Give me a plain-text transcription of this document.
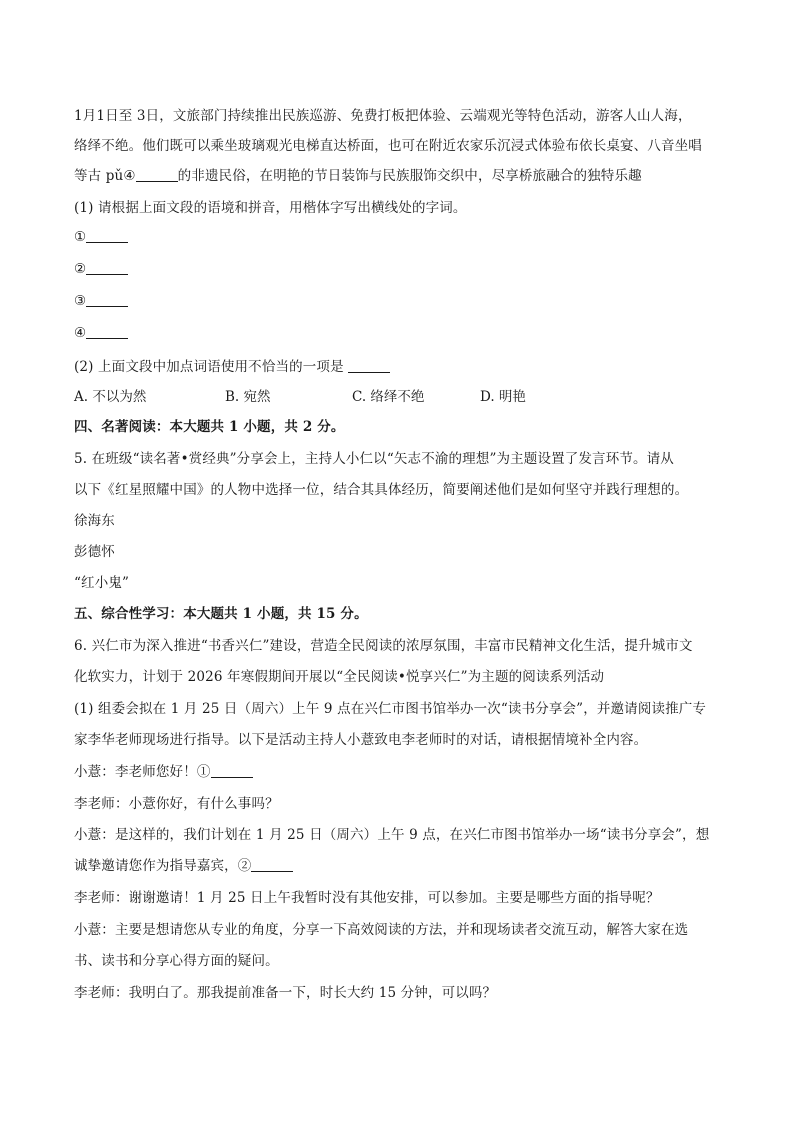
1月1日至 3日，文旅部门持续推出民族巡游、免费打板把体验、云端观光等特色活动，游客人山人海，
络绎不绝。他们既可以乘坐玻璃观光电梯直达桥面，也可在附近农家乐沉浸式体验布依长桌宴、八音坐唱
等古 pǔ④	的非遗民俗，在明艳的节日装饰与民族服饰交织中，尽享桥旅融合的独特乐趣
(1) 请根据上面文段的语境和拼音，用楷体字写出横线处的字词。
①
②
③
④
(2) 上面文段中加点词语使用不恰当的一项是
A. 不以为然	B. 宛然	C. 络绎不绝	D. 明艳
四、名著阅读：本大题共 1 小题，共 2 分。
5. 在班级“读名著•赏经典”分享会上，主持人小仁以“矢志不渝的理想”为主题设置了发言环节。请从
以下《红星照耀中国》的人物中选择一位，结合其具体经历，简要阐述他们是如何坚守并践行理想的。
徐海东
彭德怀
“红小鬼”
五、综合性学习：本大题共 1 小题，共 15 分。
6. 兴仁市为深入推进“书香兴仁”建设，营造全民阅读的浓厚氛围，丰富市民精神文化生活，提升城市文
化软实力，计划于 2026 年寒假期间开展以“全民阅读•悦享兴仁”为主题的阅读系列活动
(1) 组委会拟在 1 月 25 日（周六）上午 9 点在兴仁市图书馆举办一次“读书分享会”，并邀请阅读推广专
家李华老师现场进行指导。以下是活动主持人小薏致电李老师时的对话，请根据情境补全内容。
小薏：李老师您好！①
李老师：小薏你好，有什么事吗？
小薏：是这样的，我们计划在 1 月 25 日（周六）上午 9 点，在兴仁市图书馆举办一场“读书分享会”，想
诚挚邀请您作为指导嘉宾，②
李老师：谢谢邀请！1 月 25 日上午我暂时没有其他安排，可以参加。主要是哪些方面的指导呢？
小薏：主要是想请您从专业的角度，分享一下高效阅读的方法，并和现场读者交流互动，解答大家在选
书、读书和分享心得方面的疑问。
李老师：我明白了。那我提前准备一下，时长大约 15 分钟，可以吗？
